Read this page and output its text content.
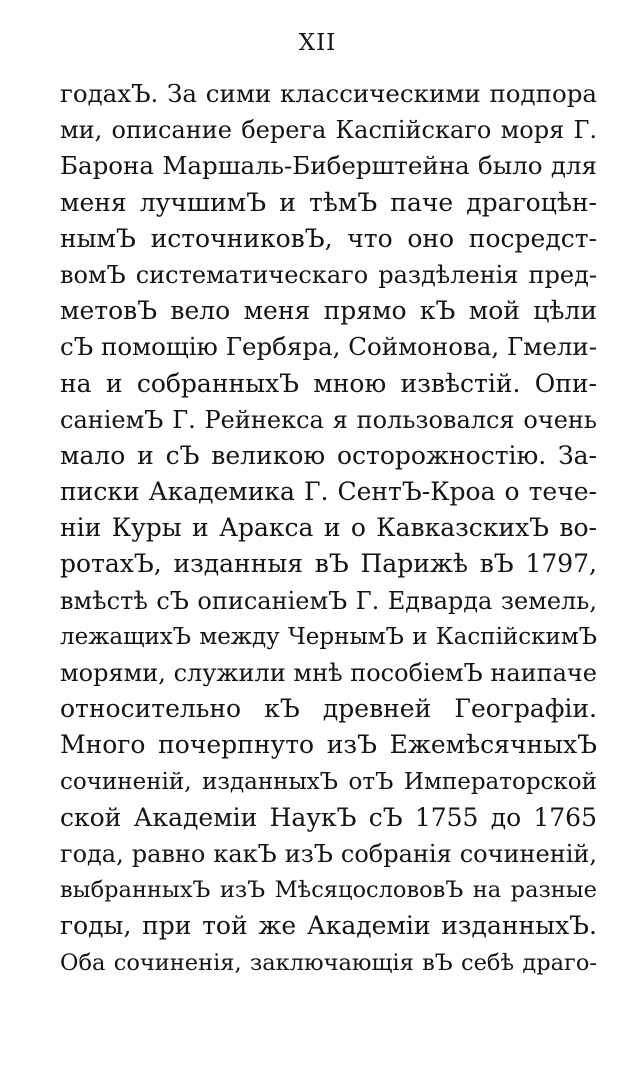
XII
годахЪ. За сими классическими подпора
ми, описание берега Каспійскаго моря Г.
Барона Маршаль-Биберштейна было для
меня лучшимЪ и тѣмЪ паче драгоцѣн-
нымЪ источниковЪ, что оно посредст-
вомЪ систематическаго раздѣленія пред-
метовЪ вело меня прямо кЪ мой цѣли
сЪ помощію Гербяра, Соймонова, Гмели-
на и собранныхЪ мною извѣстій. Опи-
саніемЪ Г. Рейнекса я пользовался очень
мало и сЪ великою осторожностію. За-
писки Академика Г. СентЪ-Кроа о тече-
ніи Куры и Аракса и о КавказскихЪ во-
ротахЪ, изданныя вЪ Парижѣ вЪ 1797,
вмѣстѣ сЪ описаніемЪ Г. Едварда земель,
лежащихЪ между ЧернымЪ и КаспійскимЪ
морями, служили мнѣ пособіемЪ наипаче
относительно кЪ древней Географіи.
Много почерпнуто изЪ ЕжемѣсячныхЪ
сочиненій, изданныхЪ отЪ Императорской
ской Академіи НаукЪ сЪ 1755 до 1765
года, равно какЪ изЪ собранія сочиненій,
выбранныхЪ изЪ МѣсяцослововЪ на разные
годы, при той же Академіи изданныхЪ.
Оба сочиненія, заключающія вЪ себѣ драго-
